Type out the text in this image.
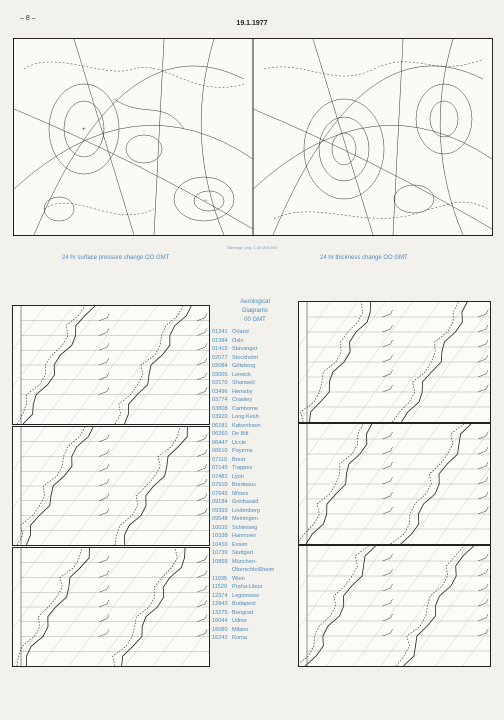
– 8 –
19.1.1977
+
−
Stereogr. proj. 1:40 000 000
24 hr surface pressure change OO GMT	24 hr thickness change OO GMT
Aerological
Diagrams
00 GMT
01241 Orland
01384 Oslo
01415 Stavanger
02077 Stockholm
02084 Göteborg
03005 Lerwick
03170 Shanwell
03496 Hemsby
03774 Crawley
03808 Camborne
03920 Long Kesh
06181 København
06260 De Bilt
06447 Uccle
06610 Payerne
07110 Brest
07145 Trappes
07481 Lyon
07510 Bordeaux
07645 Nîmes
09184 Greifswald
09393 Lindenberg
09548 Meiningen
10035 Schleswig
10338 Hannover
10410 Essen
10739 Stuttgart
10868 München-
Oberschleißheim
11035 Wien
11520 Praha-Libus
12374 Legionowo
12843 Budapest
13275 Beograd
16044 Udine
16080 Milano
16242 Roma
